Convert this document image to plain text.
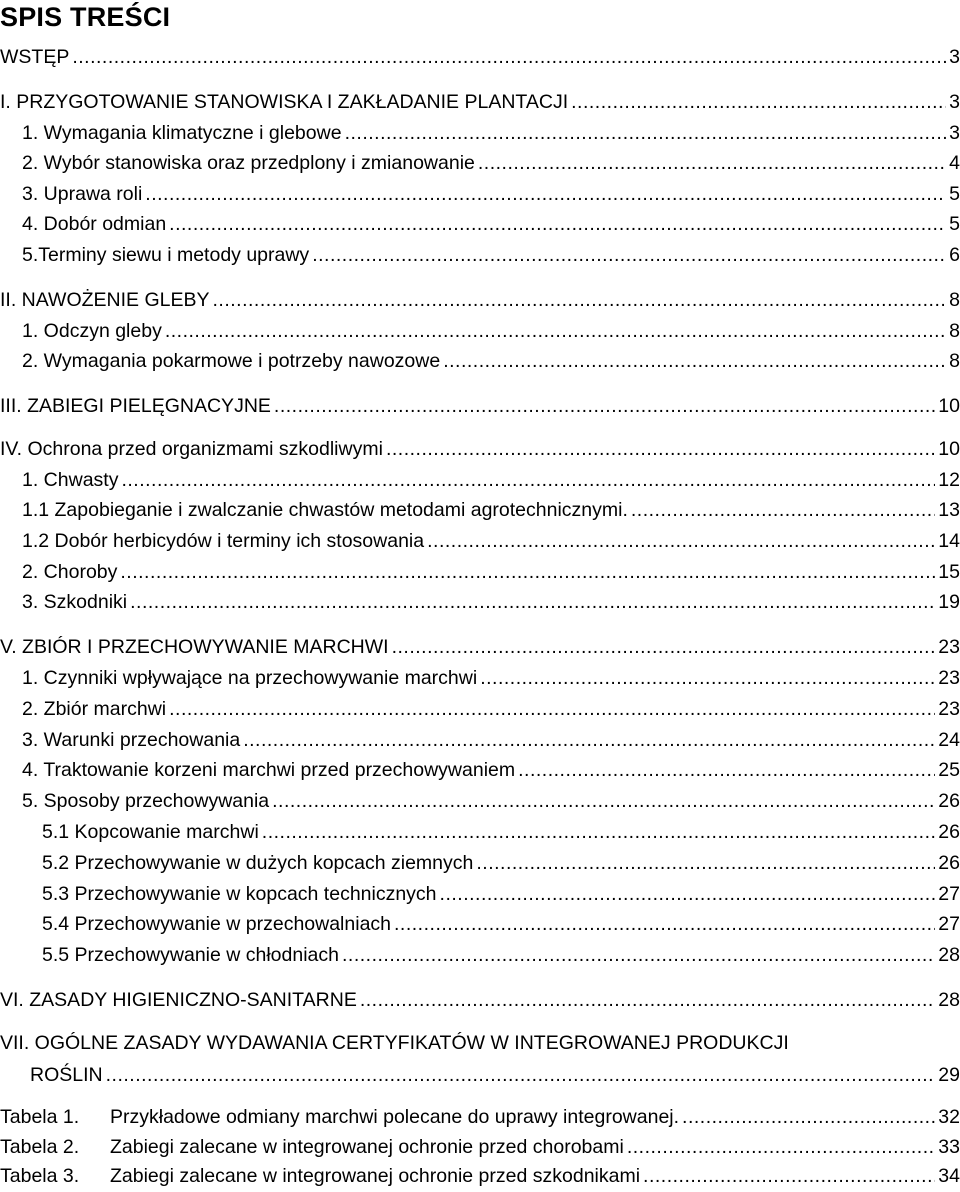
SPIS TREŚCI
WSTĘP .....	3
I. PRZYGOTOWANIE STANOWISKA I ZAKŁADANIE PLANTACJI .....	3
1. Wymagania klimatyczne i glebowe .....	3
2. Wybór stanowiska oraz przedplony i zmianowanie .....	4
3. Uprawa roli .....	5
4. Dobór odmian .....	5
5.Terminy siewu i metody uprawy .....	6
II. NAWOŻENIE GLEBY .....	8
1. Odczyn gleby .....	8
2. Wymagania pokarmowe i potrzeby nawozowe .....	8
III. ZABIEGI PIELĘGNACYJNE .....	10
IV. Ochrona przed organizmami szkodliwymi .....	10
1. Chwasty .....	12
1.1 Zapobieganie i zwalczanie chwastów metodami agrotechnicznymi. .....	13
1.2 Dobór herbicydów i terminy ich stosowania .....	14
2. Choroby .....	15
3. Szkodniki .....	19
V. ZBIÓR I PRZECHOWYWANIE MARCHWI .....	23
1. Czynniki wpływające na przechowywanie marchwi .....	23
2. Zbiór marchwi .....	23
3. Warunki przechowania .....	24
4. Traktowanie korzeni marchwi przed przechowywaniem .....	25
5. Sposoby przechowywania .....	26
5.1 Kopcowanie marchwi .....	26
5.2 Przechowywanie w dużych kopcach ziemnych .....	26
5.3 Przechowywanie w kopcach technicznych .....	27
5.4 Przechowywanie w przechowalniach .....	27
5.5 Przechowywanie w chłodniach .....	28
VI. ZASADY HIGIENICZNO-SANITARNE .....	28
VII. OGÓLNE ZASADY WYDAWANIA CERTYFIKATÓW W INTEGROWANEJ PRODUKCJI
ROŚLIN .....	29
Tabela 1. Przykładowe odmiany marchwi polecane do uprawy integrowanej. .....	32
Tabela 2. Zabiegi zalecane w integrowanej ochronie przed chorobami .....	33
Tabela 3. Zabiegi zalecane w integrowanej ochronie przed szkodnikami .....	34
